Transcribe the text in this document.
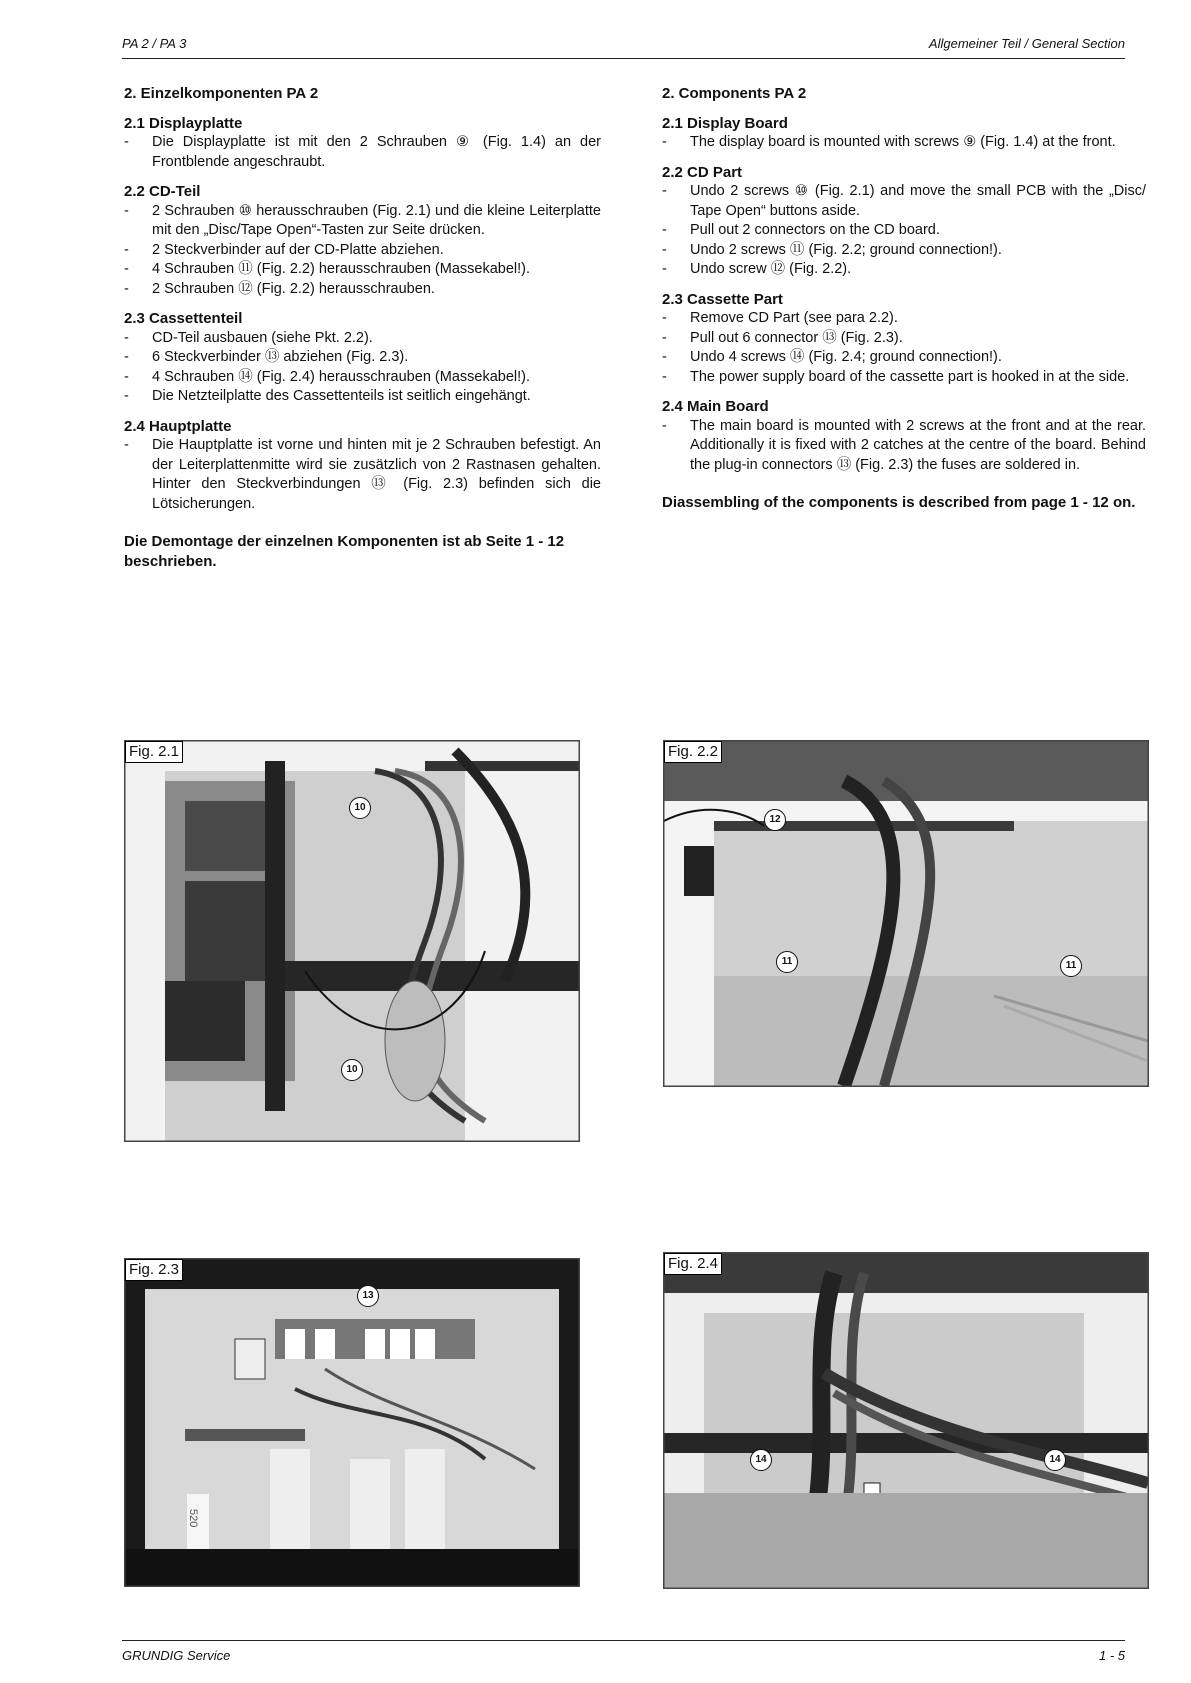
PA 2 / PA 3	Allgemeiner Teil / General Section
2. Einzelkomponenten PA 2
2.1 Displayplatte
- Die Displayplatte ist mit den 2 Schrauben ⑨ (Fig. 1.4) an der Frontblende angeschraubt.
2.2 CD-Teil
- 2 Schrauben ⑩ herausschrauben (Fig. 2.1) und die kleine Leiterplatte mit den „Disc/Tape Open“-Tasten zur Seite drücken.
- 2 Steckverbinder auf der CD-Platte abziehen.
- 4 Schrauben ⑪ (Fig. 2.2) herausschrauben (Massekabel!).
- 2 Schrauben ⑫ (Fig. 2.2) herausschrauben.
2.3 Cassettenteil
- CD-Teil ausbauen (siehe Pkt. 2.2).
- 6 Steckverbinder ⑬ abziehen (Fig. 2.3).
- 4 Schrauben ⑭ (Fig. 2.4) herausschrauben (Massekabel!).
- Die Netzteilplatte des Cassettenteils ist seitlich eingehängt.
2.4 Hauptplatte
- Die Hauptplatte ist vorne und hinten mit je 2 Schrauben befestigt. An der Leiterplattenmitte wird sie zusätzlich von 2 Rastnasen gehalten. Hinter den Steckverbindungen ⑬ (Fig. 2.3) befinden sich die Lötsicherungen.
Die Demontage der einzelnen Komponenten ist ab Seite 1 - 12 beschrieben.
2. Components PA 2
2.1 Display Board
- The display board is mounted with screws ⑨ (Fig. 1.4) at the front.
2.2 CD Part
- Undo 2 screws ⑩ (Fig. 2.1) and move the small PCB with the „Disc/ Tape Open“ buttons aside.
- Pull out 2 connectors on the CD board.
- Undo 2 screws ⑪ (Fig. 2.2; ground connection!).
- Undo screw ⑫ (Fig. 2.2).
2.3 Cassette Part
- Remove CD Part (see para 2.2).
- Pull out 6 connector ⑬ (Fig. 2.3).
- Undo 4 screws ⑭ (Fig. 2.4; ground connection!).
- The power supply board of the cassette part is hooked in at the side.
2.4 Main Board
- The main board is mounted with 2 screws at the front and at the rear. Additionally it is fixed with 2 catches at the centre of the board. Behind the plug-in connectors ⑬ (Fig. 2.3) the fuses are soldered in.
Diassembling of the components is described from page 1 - 12 on.
Fig. 2.1
10
10
Fig. 2.2
12
11	11
Fig. 2.3
13
520
Fig. 2.4
14	14
GRUNDIG Service	1 - 5
